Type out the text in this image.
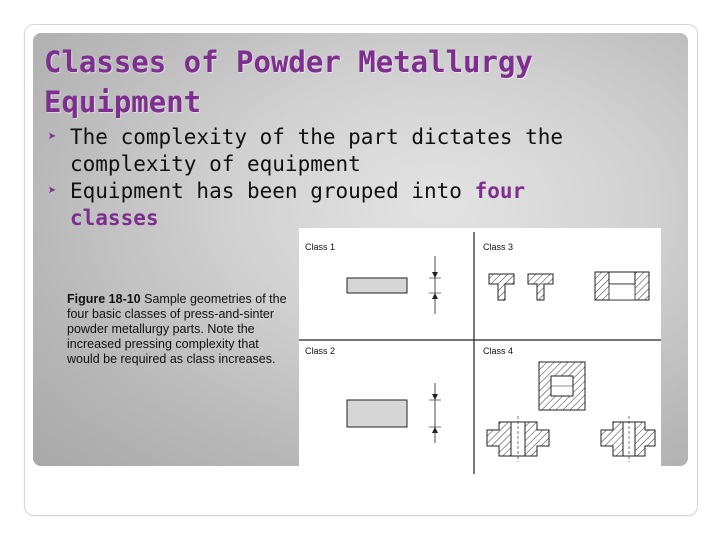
Classes of Powder Metallurgy Equipment
➤ The complexity of the part dictates the complexity of equipment
➤ Equipment has been grouped into four classes

Figure 18-10 Sample geometries of the four basic classes of press-and-sinter powder metallurgy parts. Note the increased pressing complexity that would be required as class increases.

Class 1	Class 3
Class 2	Class 4
